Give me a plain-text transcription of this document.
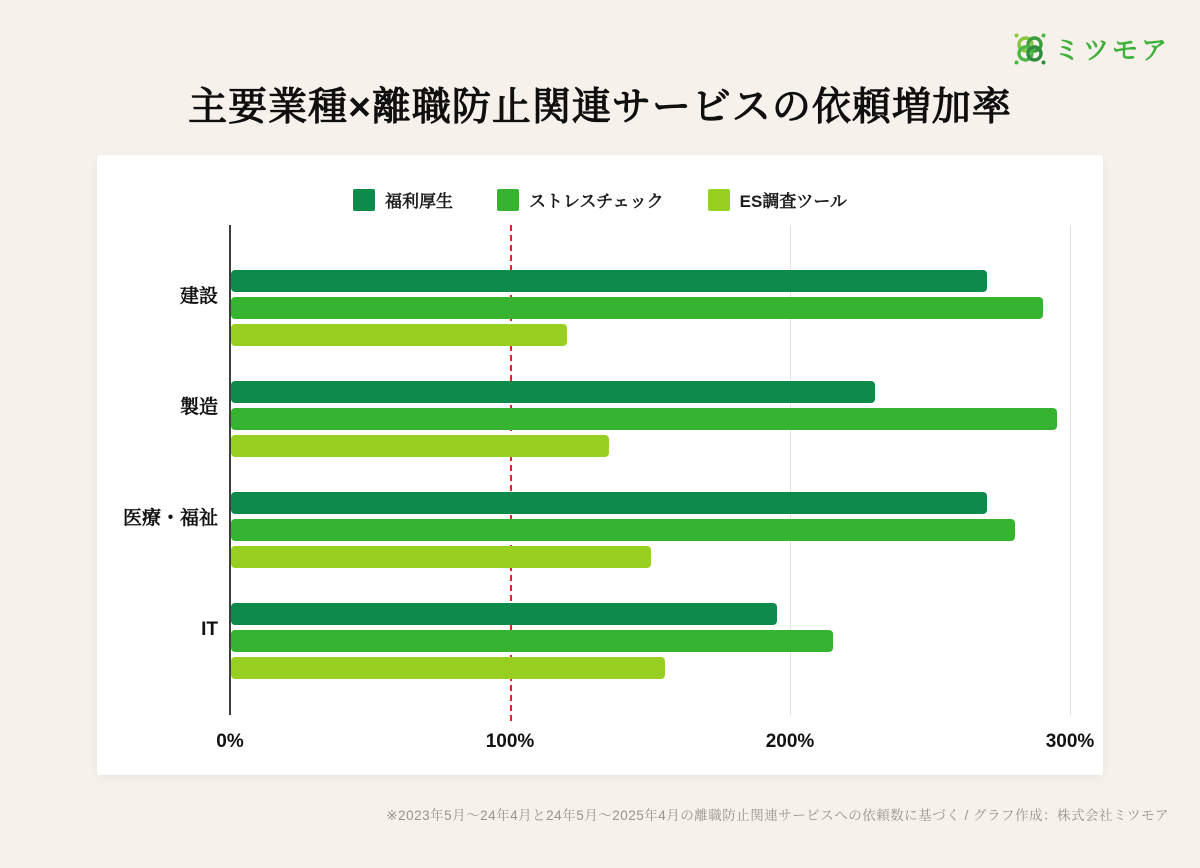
ミツモア
主要業種×離職防止関連サービスの依頼増加率
福利厚生	ストレスチェック	ES調査ツール
建設
製造
医療・福祉
IT
0%	100%	200%	300%
※2023年5月〜24年4月と24年5月〜2025年4月の離職防止関連サービスへの依頼数に基づく / グラフ作成：株式会社ミツモア
